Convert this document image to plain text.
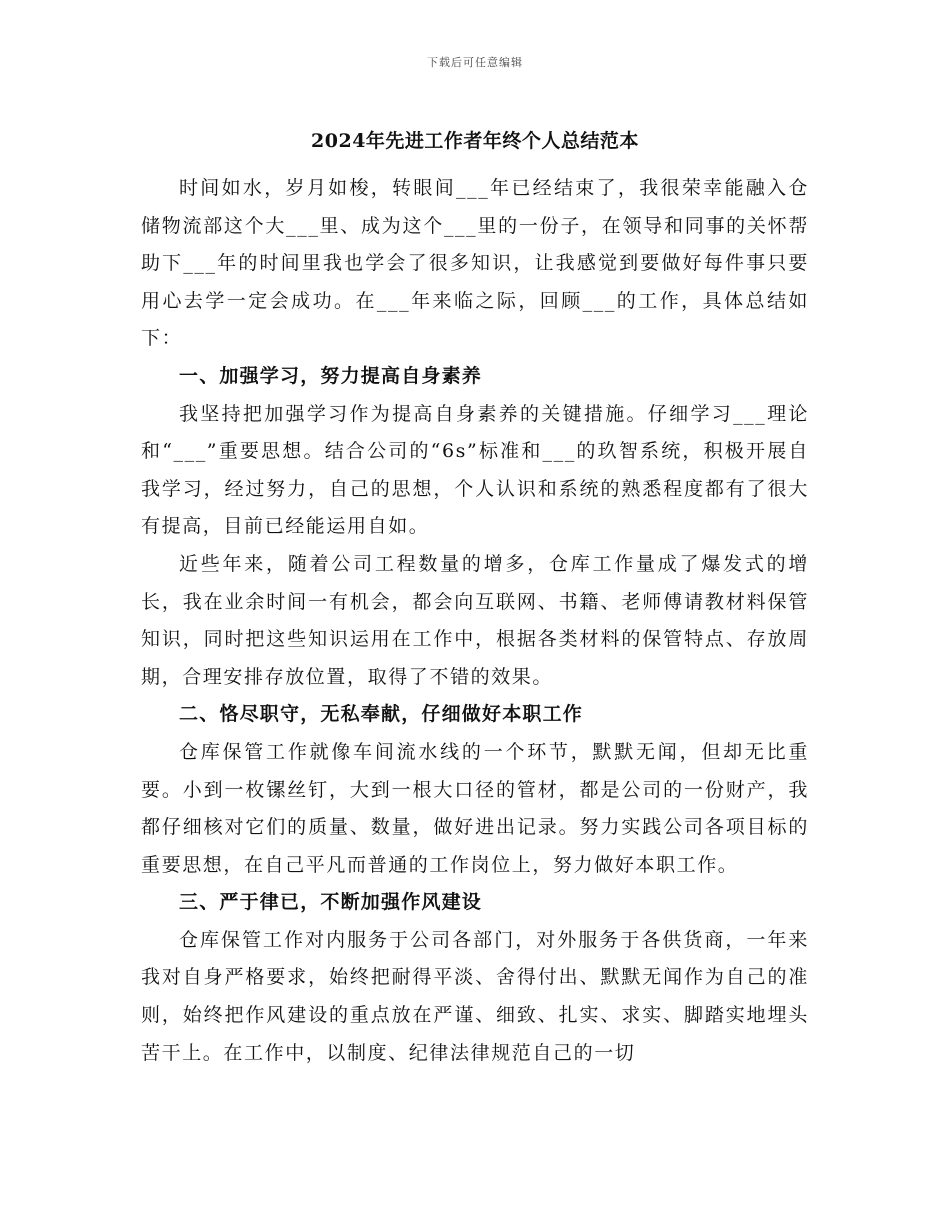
下载后可任意编辑
2024年先进工作者年终个人总结范本

时间如水，岁月如梭，转眼间___年已经结束了，我很荣幸能融入仓储物流部这个大___里、成为这个___里的一份子，在领导和同事的关怀帮助下___年的时间里我也学会了很多知识，让我感觉到要做好每件事只要用心去学一定会成功。在___年来临之际，回顾___的工作，具体总结如下：

一、加强学习，努力提高自身素养

我坚持把加强学习作为提高自身素养的关键措施。仔细学习___理论和“___”重要思想。结合公司的“6s”标准和___的玖智系统，积极开展自我学习，经过努力，自己的思想，个人认识和系统的熟悉程度都有了很大有提高，目前已经能运用自如。

近些年来，随着公司工程数量的增多，仓库工作量成了爆发式的增长，我在业余时间一有机会，都会向互联网、书籍、老师傅请教材料保管知识，同时把这些知识运用在工作中，根据各类材料的保管特点、存放周期，合理安排存放位置，取得了不错的效果。

二、恪尽职守，无私奉献，仔细做好本职工作

仓库保管工作就像车间流水线的一个环节，默默无闻，但却无比重要。小到一枚镙丝钉，大到一根大口径的管材，都是公司的一份财产，我都仔细核对它们的质量、数量，做好进出记录。努力实践公司各项目标的重要思想，在自己平凡而普通的工作岗位上，努力做好本职工作。

三、严于律已，不断加强作风建设

仓库保管工作对内服务于公司各部门，对外服务于各供货商，一年来我对自身严格要求，始终把耐得平淡、舍得付出、默默无闻作为自己的准则，始终把作风建设的重点放在严谨、细致、扎实、求实、脚踏实地埋头苦干上。在工作中，以制度、纪律法律规范自己的一切
